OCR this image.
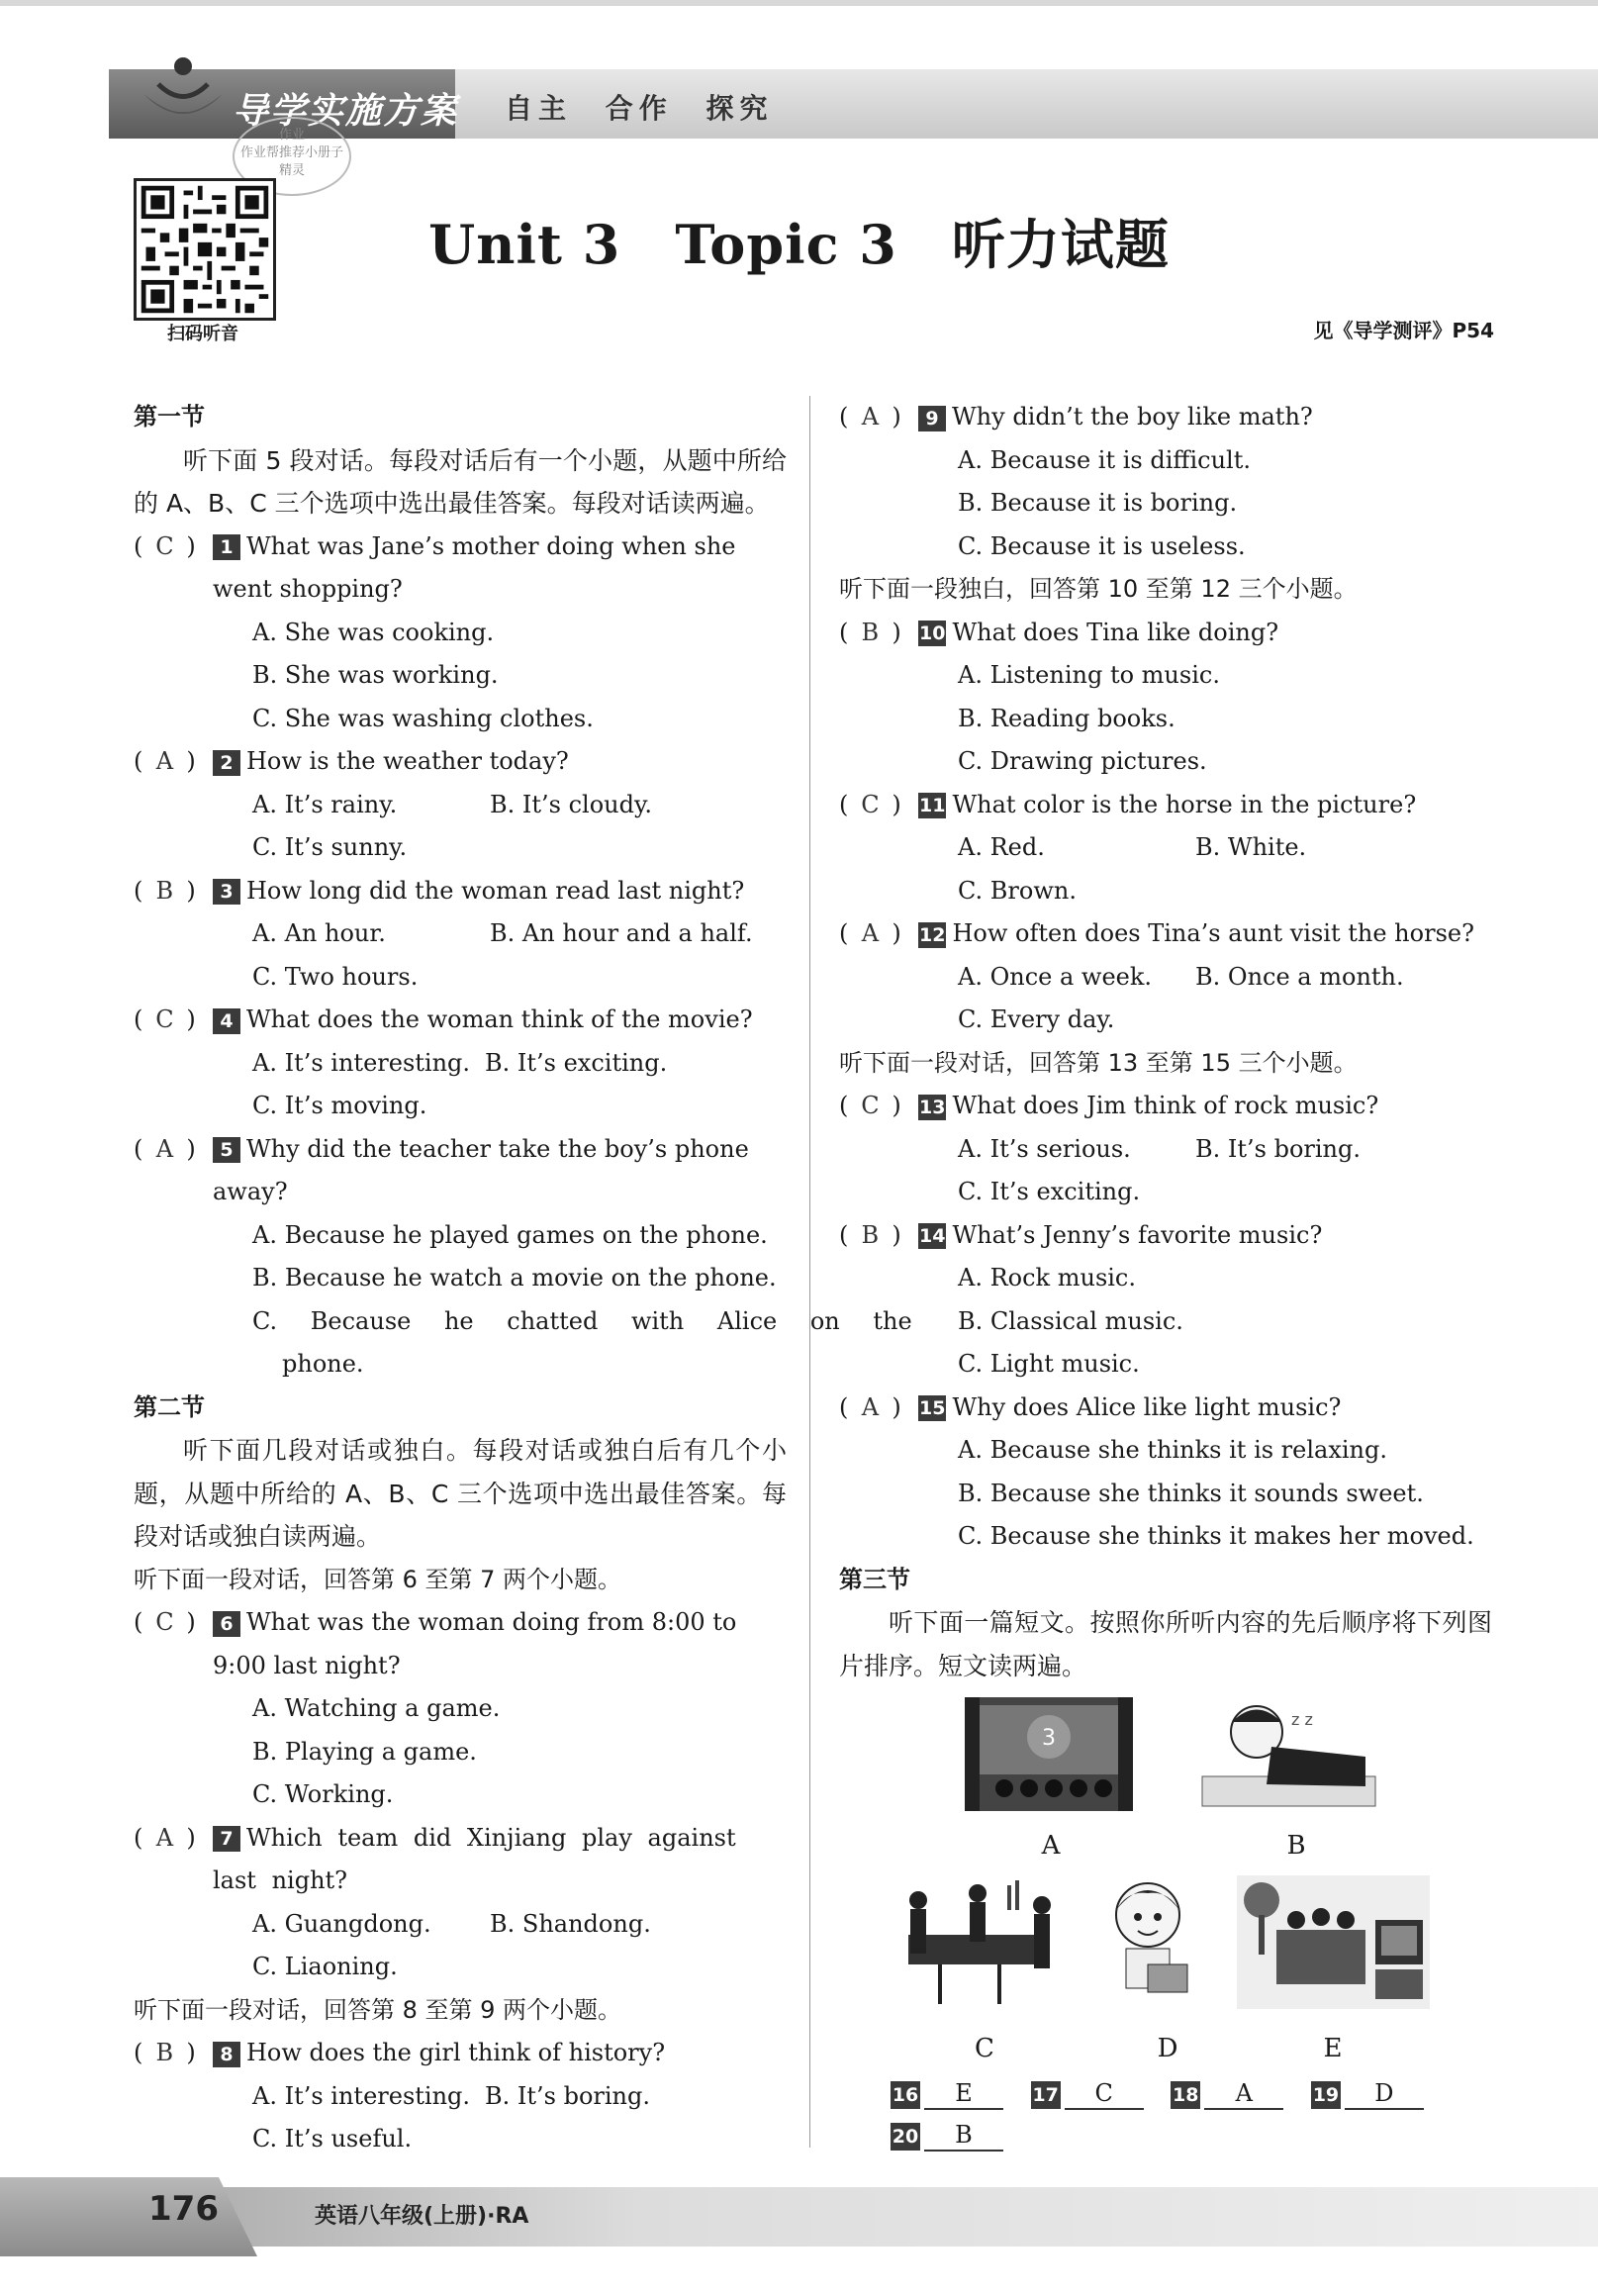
导学实施方案 自主 合作 探究
作业
作业帮推荐小册子
精灵
扫码听音
Unit 3　Topic 3　听力试题
见《导学测评》P54
第一节
听下面 5 段对话。每段对话后有一个小题，从题中所给的 A、B、C 三个选项中选出最佳答案。每段对话读两遍。
( C )	1 What was Jane’s mother doing when she went shopping?
A. She was cooking.
B. She was working.
C. She was washing clothes.
( A )	2 How is the weather today?
A. It’s rainy.	B. It’s cloudy.
C. It’s sunny.
( B )	3 How long did the woman read last night?
A. An hour.	B. An hour and a half.
C. Two hours.
( C )	4 What does the woman think of the movie?
A. It’s interesting. B. It’s exciting.
C. It’s moving.
( A )	5 Why did the teacher take the boy’s phone away?
A. Because he played games on the phone.
B. Because he watch a movie on the phone.
C. Because he chatted with Alice on the
phone.
第二节
听下面几段对话或独白。每段对话或独白后有几个小题，从题中所给的 A、B、C 三个选项中选出最佳答案。每段对话或独白读两遍。
听下面一段对话，回答第 6 至第 7 两个小题。
( C )	6 What was the woman doing from 8:00 to 9:00 last night?
A. Watching a game.
B. Playing a game.
C. Working.
( A )	7 Which team did Xinjiang play against last night?
A. Guangdong.	B. Shandong.
C. Liaoning.
听下面一段对话，回答第 8 至第 9 两个小题。
( B )	8 How does the girl think of history?
A. It’s interesting. B. It’s boring.
C. It’s useful.
( A )	9 Why didn’t the boy like math?
A. Because it is difficult.
B. Because it is boring.
C. Because it is useless.
听下面一段独白，回答第 10 至第 12 三个小题。
( B ) 10 What does Tina like doing?
A. Listening to music.
B. Reading books.
C. Drawing pictures.
( C ) 11 What color is the horse in the picture?
A. Red.	B. White.
C. Brown.
( A ) 12 How often does Tina’s aunt visit the horse?
A. Once a week.	B. Once a month.
C. Every day.
听下面一段对话，回答第 13 至第 15 三个小题。
( C ) 13 What does Jim think of rock music?
A. It’s serious.	B. It’s boring.
C. It’s exciting.
( B ) 14 What’s Jenny’s favorite music?
A. Rock music.
B. Classical music.
C. Light music.
( A ) 15 Why does Alice like light music?
A. Because she thinks it is relaxing.
B. Because she thinks it sounds sweet.
C. Because she thinks it makes her moved.
第三节
听下面一篇短文。按照你所听内容的先后顺序将下列图片排序。短文读两遍。
3
A
z z
B
C	D	E
16 E	17 C	18 A	19 D
20 B
176	英语八年级(上册)·RA
